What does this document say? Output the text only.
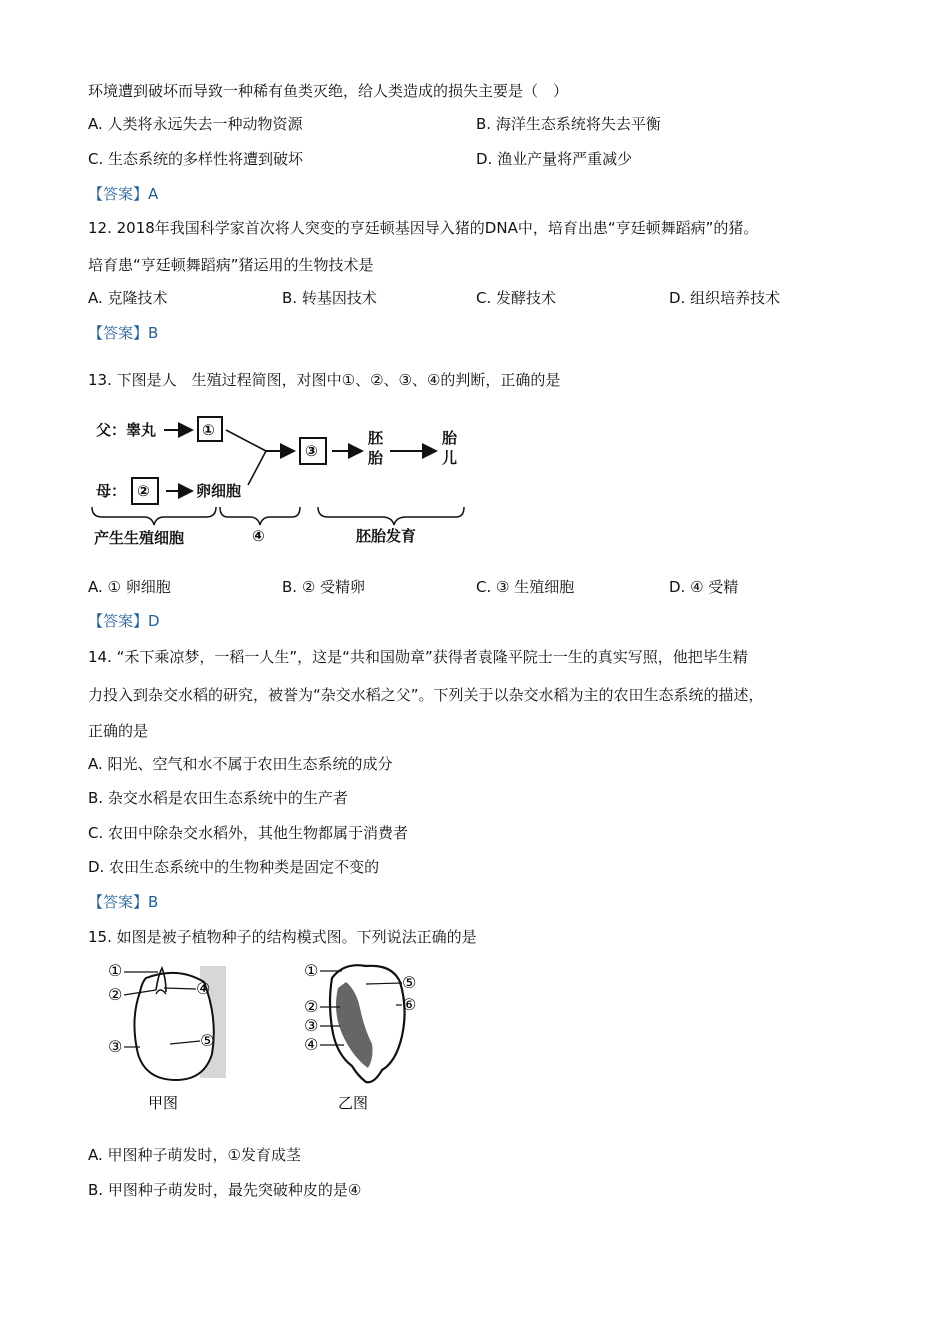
环境遭到破坏而导致一种稀有鱼类灭绝，给人类造成的损失主要是（　）
A. 人类将永远失去一种动物资源	B. 海洋生态系统将失去平衡
C. 生态系统的多样性将遭到破坏	D. 渔业产量将严重减少
【答案】A
12. 2018年我国科学家首次将人突变的亨廷顿基因导入猪的DNA中，培育出患“亨廷顿舞蹈病”的猪。
培育患“亨廷顿舞蹈病”猪运用的生物技术是
A. 克隆技术	B. 转基因技术	C. 发酵技术	D. 组织培养技术
【答案】B
13. 下图是人　生殖过程简图，对图中①、②、③、④的判断，正确的是
父：睾丸	①
母： ②	卵细胞
③
胚
胎
胎
儿
产生生殖细胞	④	胚胎发育
A. ① 卵细胞	B. ② 受精卵	C. ③ 生殖细胞	D. ④ 受精
【答案】D
14. “禾下乘凉梦，一稻一人生”，这是“共和国勋章”获得者袁隆平院士一生的真实写照，他把毕生精
力投入到杂交水稻的研究，被誉为“杂交水稻之父”。下列关于以杂交水稻为主的农田生态系统的描述，
正确的是
A. 阳光、空气和水不属于农田生态系统的成分
B. 杂交水稻是农田生态系统中的生产者
C. 农田中除杂交水稻外，其他生物都属于消费者
D. 农田生态系统中的生物种类是固定不变的
【答案】B
15. 如图是被子植物种子的结构模式图。下列说法正确的是
①
②
③
④
⑤
甲图
①
②
③
④
⑤
⑥
乙图
A. 甲图种子萌发时，①发育成茎
B. 甲图种子萌发时，最先突破种皮的是④
